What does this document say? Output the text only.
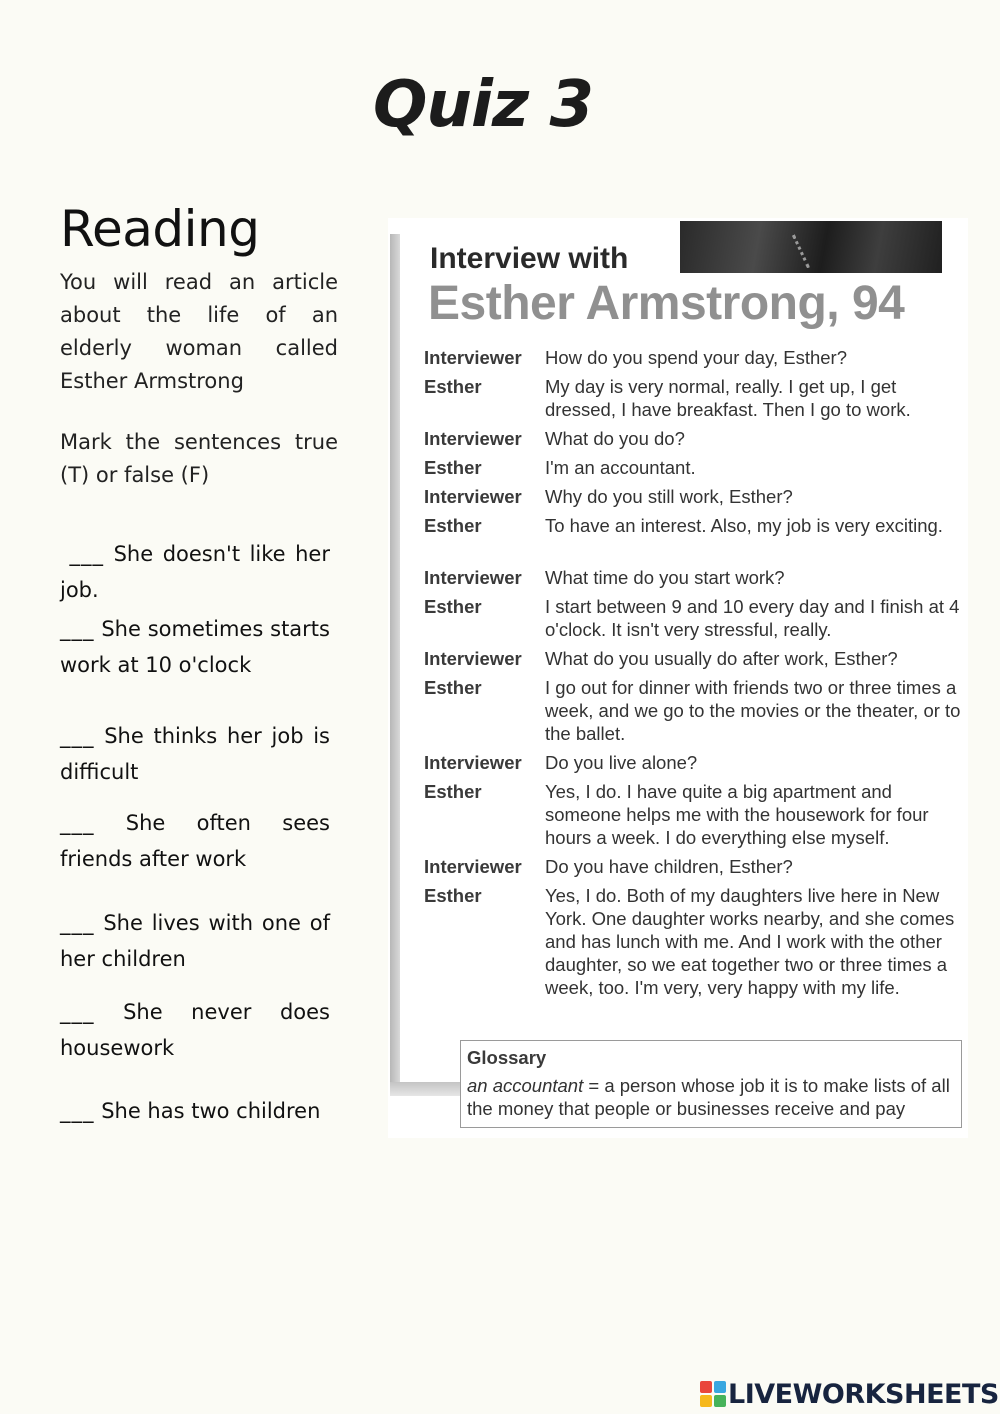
Quiz 3
Reading

You will read an article about the life of an elderly woman called Esther Armstrong

Mark the sentences true (T) or false (F)

___ She doesn't like her job.
___ She sometimes starts work at 10 o'clock
___ She thinks her job is difficult
___ She often sees friends after work
___ She lives with one of her children
___ She never does housework
___ She has two children
Interview with
Esther Armstrong, 94
Interviewer	How do you spend your day, Esther?
Esther	My day is very normal, really. I get up, I get dressed, I have breakfast. Then I go to work.
Interviewer	What do you do?
Esther	I'm an accountant.
Interviewer	Why do you still work, Esther?
Esther	To have an interest. Also, my job is very exciting.
Interviewer	What time do you start work?
Esther	I start between 9 and 10 every day and I finish at 4 o'clock. It isn't very stressful, really.
Interviewer	What do you usually do after work, Esther?
Esther	I go out for dinner with friends two or three times a week, and we go to the movies or the theater, or to the ballet.
Interviewer	Do you live alone?
Esther	Yes, I do. I have quite a big apartment and someone helps me with the housework for four hours a week. I do everything else myself.
Interviewer	Do you have children, Esther?
Esther	Yes, I do. Both of my daughters live here in New York. One daughter works nearby, and she comes and has lunch with me. And I work with the other daughter, so we eat together two or three times a week, too. I'm very, very happy with my life.
Glossary
an accountant = a person whose job it is to make lists of all the money that people or businesses receive and pay
LIVEWORKSHEETS
